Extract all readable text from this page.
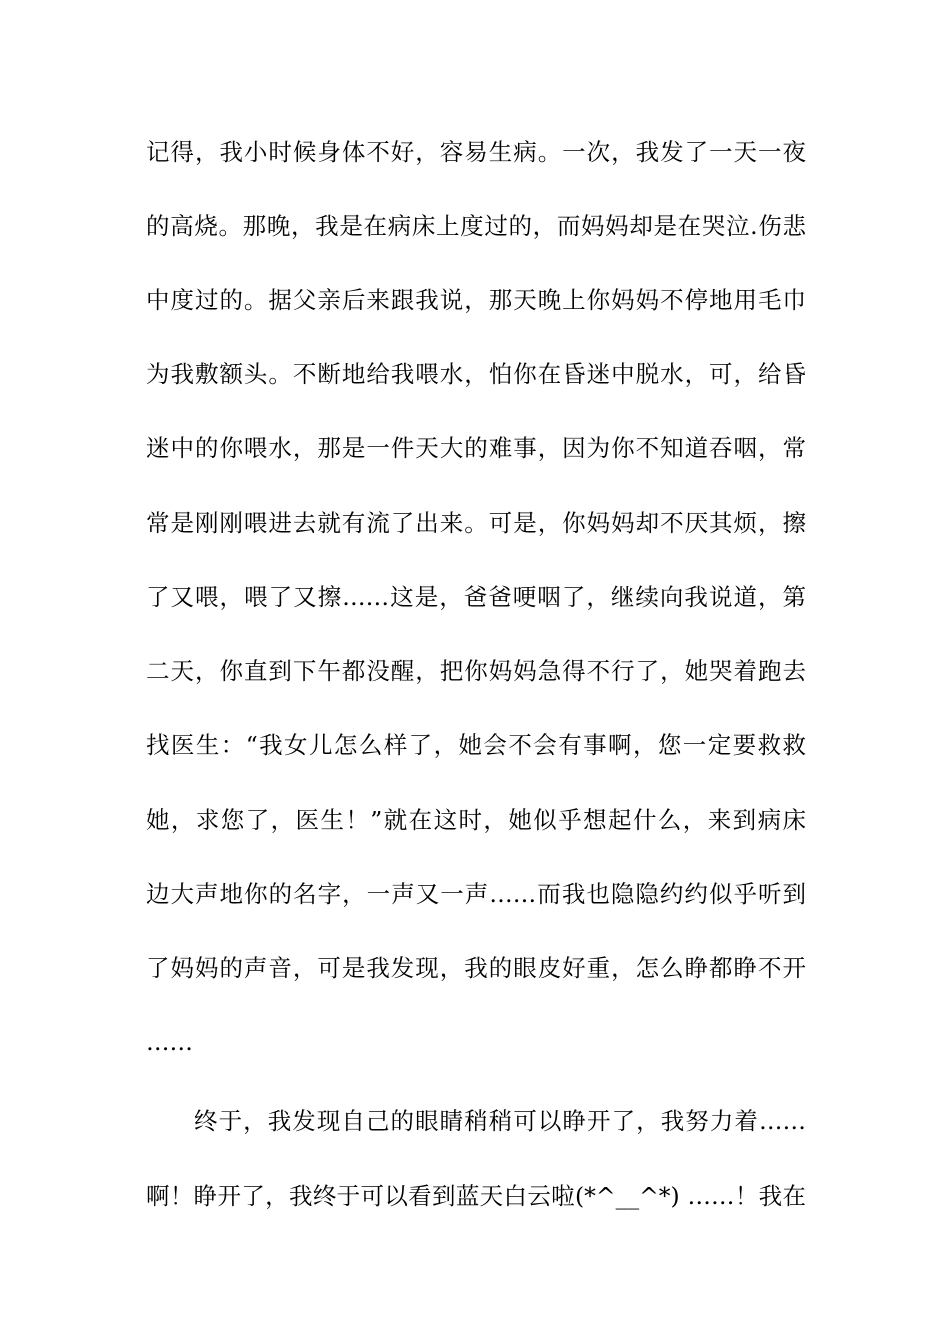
记得，我小时候身体不好，容易生病。一次，我发了一天一夜
的高烧。那晚，我是在病床上度过的，而妈妈却是在哭泣.伤悲
中度过的。据父亲后来跟我说，那天晚上你妈妈不停地用毛巾
为我敷额头。不断地给我喂水，怕你在昏迷中脱水，可，给昏
迷中的你喂水，那是一件天大的难事，因为你不知道吞咽，常
常是刚刚喂进去就有流了出来。可是，你妈妈却不厌其烦，擦
了又喂，喂了又擦……这是，爸爸哽咽了，继续向我说道，第
二天，你直到下午都没醒，把你妈妈急得不行了，她哭着跑去
找医生：“我女儿怎么样了，她会不会有事啊，您一定要救救
她，求您了，医生！”就在这时，她似乎想起什么，来到病床
边大声地你的名字，一声又一声……而我也隐隐约约似乎听到
了妈妈的声音，可是我发现，我的眼皮好重，怎么睁都睁不开
……
终于，我发现自己的眼睛稍稍可以睁开了，我努力着……
啊！睁开了，我终于可以看到蓝天白云啦(*^__^*) ……！我在
